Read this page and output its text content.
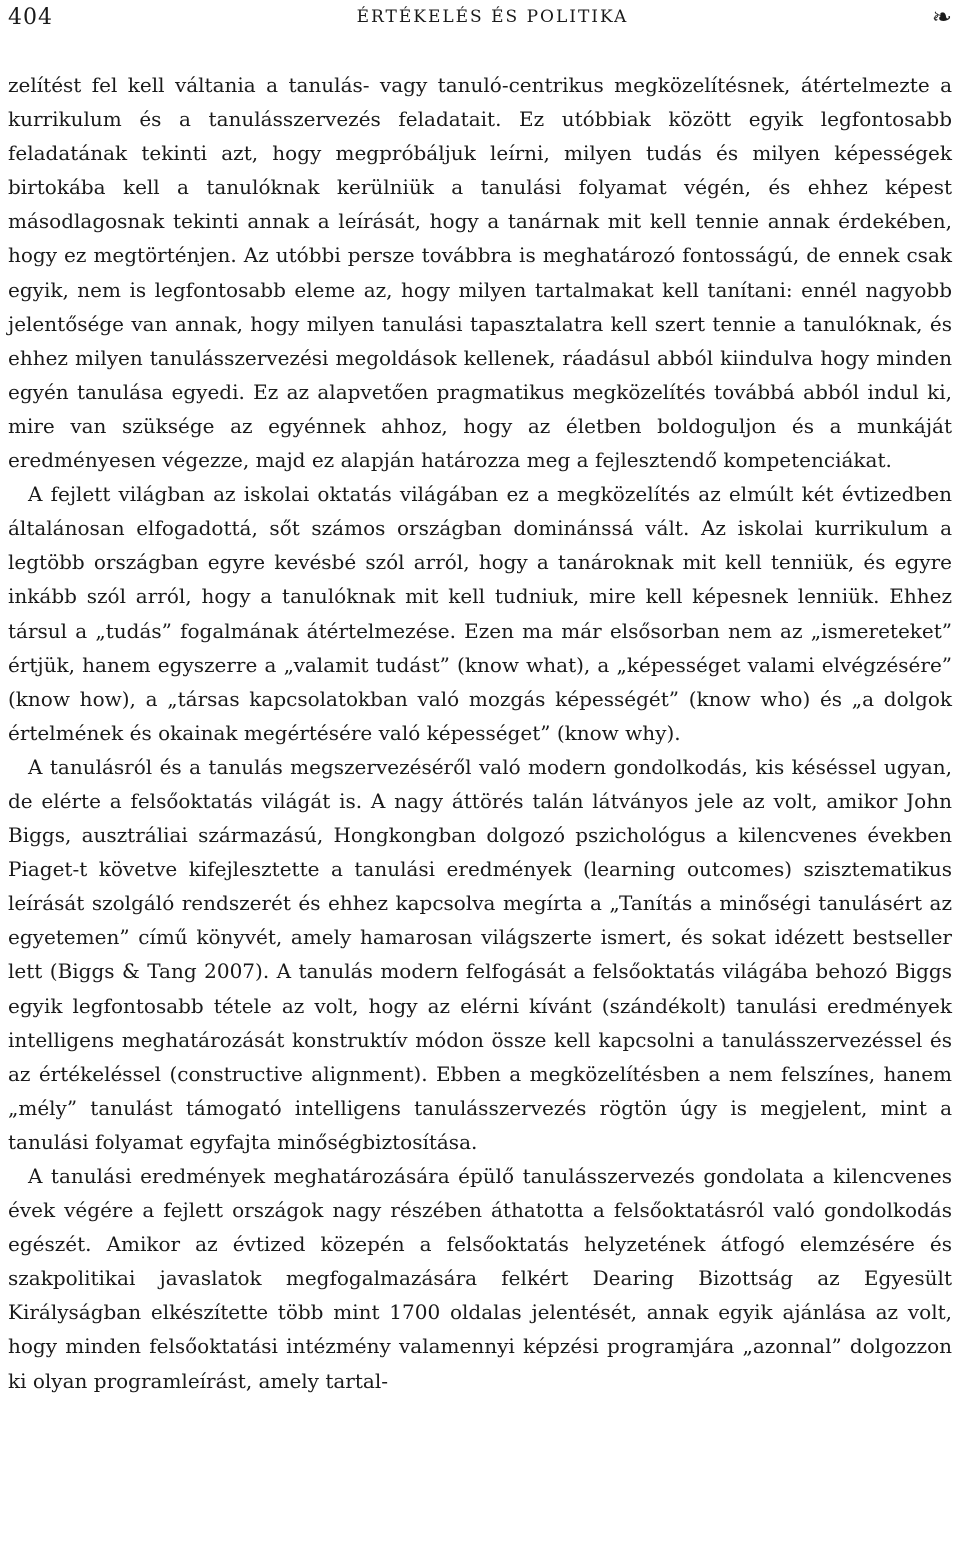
404	ÉRTÉKELÉS ÉS POLITIKA	❧

zelítést fel kell váltania a tanulás- vagy tanuló-centrikus megközelítésnek, átértelmezte a kurrikulum és a tanulásszervezés feladatait. Ez utóbbiak között egyik legfontosabb feladatának tekinti azt, hogy megpróbáljuk leírni, milyen tudás és milyen képességek birtokába kell a tanulóknak kerülniük a tanulási folyamat végén, és ehhez képest másodlagosnak tekinti annak a leírását, hogy a tanárnak mit kell tennie annak érdekében, hogy ez megtörténjen. Az utóbbi persze továbbra is meghatározó fontosságú, de ennek csak egyik, nem is legfontosabb eleme az, hogy milyen tartalmakat kell tanítani: ennél nagyobb jelentősége van annak, hogy milyen tanulási tapasztalatra kell szert tennie a tanulóknak, és ehhez milyen tanulásszervezési megoldások kellenek, ráadásul abból kiindulva hogy minden egyén tanulása egyedi. Ez az alapvetően pragmatikus megközelítés továbbá abból indul ki, mire van szüksége az egyénnek ahhoz, hogy az életben boldoguljon és a munkáját eredményesen végezze, majd ez alapján határozza meg a fejlesztendő kompetenciákat.

A fejlett világban az iskolai oktatás világában ez a megközelítés az elmúlt két évtizedben általánosan elfogadottá, sőt számos országban dominánssá vált. Az iskolai kurrikulum a legtöbb országban egyre kevésbé szól arról, hogy a tanároknak mit kell tenniük, és egyre inkább szól arról, hogy a tanulóknak mit kell tudniuk, mire kell képesnek lenniük. Ehhez társul a „tudás” fogalmának átértelmezése. Ezen ma már elsősorban nem az „ismereteket” értjük, hanem egyszerre a „valamit tudást” (know what), a „képességet valami elvégzésére” (know how), a „társas kapcsolatokban való mozgás képességét” (know who) és „a dolgok értelmének és okainak megértésére való képességet” (know why).

A tanulásról és a tanulás megszervezéséről való modern gondolkodás, kis késéssel ugyan, de elérte a felsőoktatás világát is. A nagy áttörés talán látványos jele az volt, amikor John Biggs, ausztráliai származású, Hongkongban dolgozó pszichológus a kilencvenes években Piaget-t követve kifejlesztette a tanulási eredmények (learning outcomes) szisztematikus leírását szolgáló rendszerét és ehhez kapcsolva megírta a „Tanítás a minőségi tanulásért az egyetemen” című könyvét, amely hamarosan világszerte ismert, és sokat idézett bestseller lett (Biggs & Tang 2007). A tanulás modern felfogását a felsőoktatás világába behozó Biggs egyik legfontosabb tétele az volt, hogy az elérni kívánt (szándékolt) tanulási eredmények intelligens meghatározását konstruktív módon össze kell kapcsolni a tanulásszervezéssel és az értékeléssel (constructive alignment). Ebben a megközelítésben a nem felszínes, hanem „mély” tanulást támogató intelligens tanulásszervezés rögtön úgy is megjelent, mint a tanulási folyamat egyfajta minőségbiztosítása.

A tanulási eredmények meghatározására épülő tanulásszervezés gondolata a kilencvenes évek végére a fejlett országok nagy részében áthatotta a felsőoktatásról való gondolkodás egészét. Amikor az évtized közepén a felsőoktatás helyzetének átfogó elemzésére és szakpolitikai javaslatok megfogalmazására felkért Dearing Bizottság az Egyesült Királyságban elkészítette több mint 1700 oldalas jelentését, annak egyik ajánlása az volt, hogy minden felsőoktatási intézmény valamennyi képzési programjára „azonnal” dolgozzon ki olyan programleírást, amely tartal-
